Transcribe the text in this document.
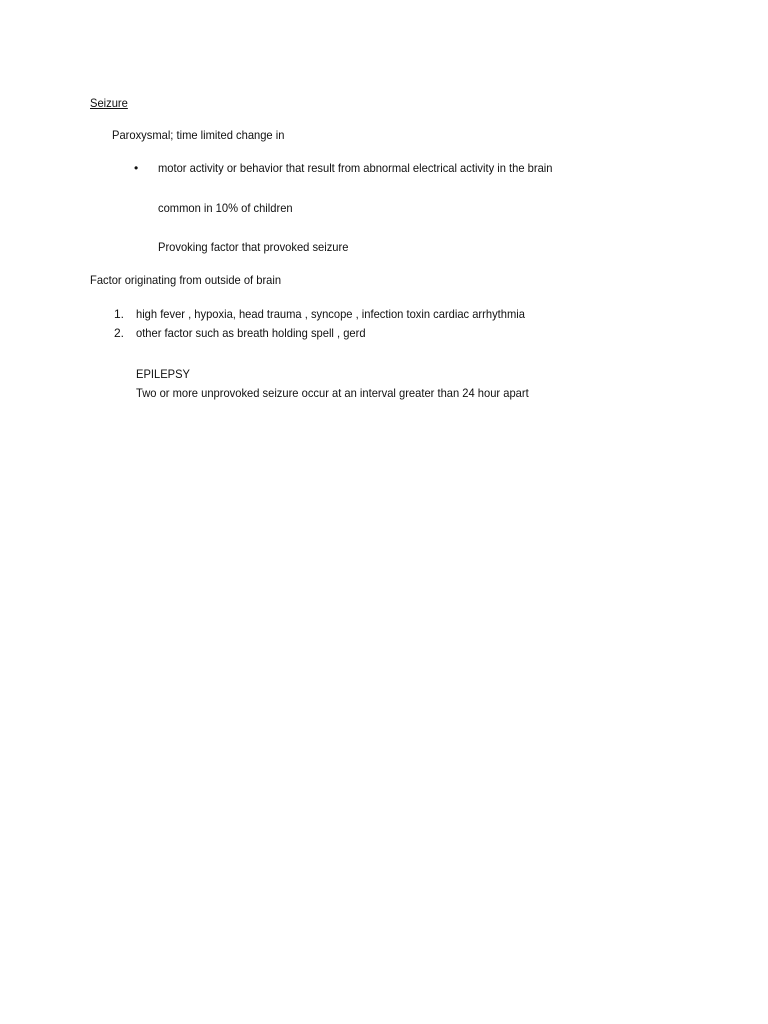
Seizure
Paroxysmal; time limited change in
• motor activity or behavior that result from abnormal electrical activity in the brain
common in 10% of children
Provoking factor that provoked seizure
Factor originating from outside of brain
1. high fever , hypoxia, head trauma , syncope , infection toxin cardiac arrhythmia
2. other factor such as breath holding spell , gerd
EPILEPSY
Two or more unprovoked seizure occur at an interval greater than 24 hour apart
